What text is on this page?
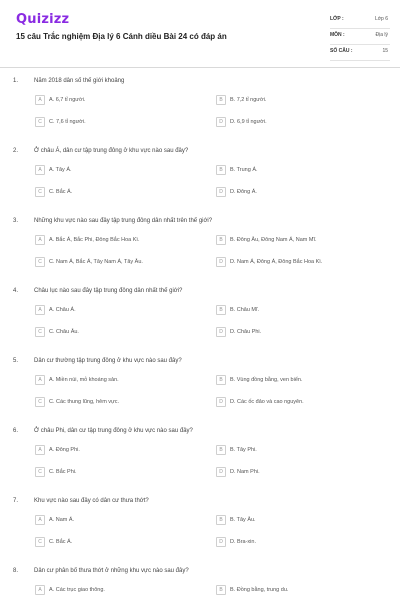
Quizizz
15 câu Trắc nghiệm Địa lý 6 Cánh diều Bài 24 có đáp án
LỚP :	Lớp 6
MÔN :	Địa lý
SỐ CÂU :	15
1.	Năm 2018 dân số thế giới khoảng
A	A. 6,7 tỉ người.	B	B. 7,2 tỉ người.
C	C. 7,6 tỉ người.	D	D. 6,9 tỉ người.
2.	Ở châu Á, dân cư tập trung đông ở khu vực nào sau đây?
A	A. Tây Á.	B	B. Trung Á.
C	C. Bắc Á.	D	D. Đông Á.
3.	Những khu vực nào sau đây tập trung đông dân nhất trên thế giới?
A	A. Bắc Á, Bắc Phi, Đông Bắc Hoa Kì.	B	B. Đông Âu, Đông Nam Á, Nam Mĩ.
C	C. Nam Á, Bắc Á, Tây Nam Á, Tây Âu.	D	D. Nam Á, Đông Á, Đông Bắc Hoa Kì.
4.	Châu lục nào sau đây tập trung đông dân nhất thế giới?
A	A. Châu Á.	B	B. Châu Mĩ.
C	C. Châu Âu.	D	D. Châu Phi.
5.	Dân cư thường tập trung đông ở khu vực nào sau đây?
A	A. Miền núi, mỏ khoáng sản.	B	B. Vùng đồng bằng, ven biển.
C	C. Các thung lũng, hẻm vực.	D	D. Các ốc đảo và cao nguyên.
6.	Ở châu Phi, dân cư tập trung đông ở khu vực nào sau đây?
A	A. Đông Phi.	B	B. Tây Phi.
C	C. Bắc Phi.	D	D. Nam Phi.
7.	Khu vực nào sau đây có dân cư thưa thớt?
A	A. Nam Á.	B	B. Tây Âu.
C	C. Bắc Á.	D	D. Bra-xin.
8.	Dân cư phân bố thưa thớt ở những khu vực nào sau đây?
A	A. Các trục giao thông.	B	B. Đồng bằng, trung du.
